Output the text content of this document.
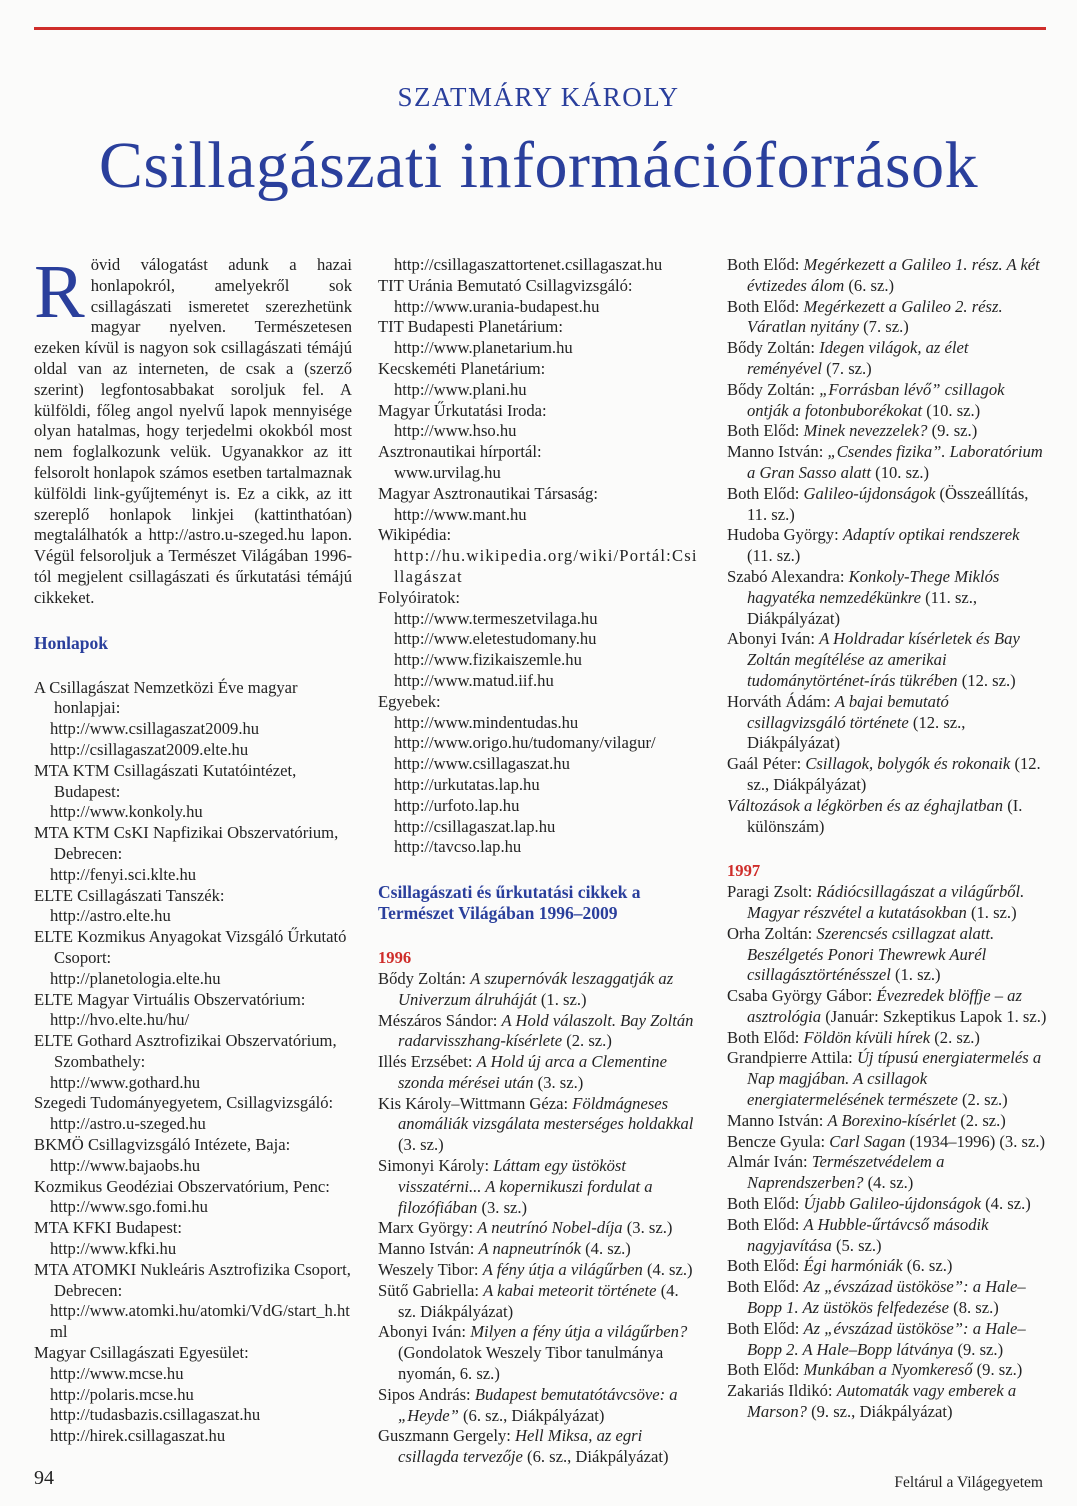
SZATMÁRY KÁROLY
Csillagászati információforrások

Rövid válogatást adunk a hazai honlapokról, amelyekről sok csillagászati ismeretet szerezhetünk magyar nyelven. Természetesen ezeken kívül is nagyon sok csillagászati témájú oldal van az interneten, de csak a (szerző szerint) legfontosabbakat soroljuk fel. A külföldi, főleg angol nyelvű lapok mennyisége olyan hatalmas, hogy terjedelmi okokból most nem foglalkozunk velük. Ugyanakkor az itt felsorolt honlapok számos esetben tartalmaznak külföldi link-gyűjteményt is. Ez a cikk, az itt szereplő honlapok linkjei (kattinthatóan) megtalálhatók a http://astro.u-szeged.hu lapon. Végül felsoroljuk a Természet Világában 1996-tól megjelent csillagászati és űrkutatási témájú cikkeket.

Honlapok
A Csillagászat Nemzetközi Éve magyar honlapjai:
http://www.csillagaszat2009.hu
http://csillagaszat2009.elte.hu
MTA KTM Csillagászati Kutatóintézet, Budapest:
http://www.konkoly.hu
MTA KTM CsKI Napfizikai Obszervatórium, Debrecen:
http://fenyi.sci.klte.hu
ELTE Csillagászati Tanszék:
http://astro.elte.hu
ELTE Kozmikus Anyagokat Vizsgáló Űrkutató Csoport:
http://planetologia.elte.hu
ELTE Magyar Virtuális Obszervatórium:
http://hvo.elte.hu/hu/
ELTE Gothard Asztrofizikai Obszervatórium, Szombathely:
http://www.gothard.hu
Szegedi Tudományegyetem, Csillagvizsgáló:
http://astro.u-szeged.hu
BKMÖ Csillagvizsgáló Intézete, Baja:
http://www.bajaobs.hu
Kozmikus Geodéziai Obszervatórium, Penc:
http://www.sgo.fomi.hu
MTA KFKI Budapest:
http://www.kfki.hu
MTA ATOMKI Nukleáris Asztrofizika Csoport, Debrecen:
http://www.atomki.hu/atomki/VdG/start_h.html
Magyar Csillagászati Egyesület:
http://www.mcse.hu
http://polaris.mcse.hu
http://tudasbazis.csillagaszat.hu
http://hirek.csillagaszat.hu
http://csillagaszattortenet.csillagaszat.hu
TIT Uránia Bemutató Csillagvizsgáló:
http://www.urania-budapest.hu
TIT Budapesti Planetárium:
http://www.planetarium.hu
Kecskeméti Planetárium:
http://www.plani.hu
Magyar Űrkutatási Iroda:
http://www.hso.hu
Asztronautikai hírportál:
www.urvilag.hu
Magyar Asztronautikai Társaság:
http://www.mant.hu
Wikipédia:
http://hu.wikipedia.org/wiki/Portál:Csillagászat
Folyóiratok:
http://www.termeszetvilaga.hu
http://www.eletestudomany.hu
http://www.fizikaiszemle.hu
http://www.matud.iif.hu
Egyebek:
http://www.mindentudas.hu
http://www.origo.hu/tudomany/vilagur/
http://www.csillagaszat.hu
http://urkutatas.lap.hu
http://urfoto.lap.hu
http://csillagaszat.lap.hu
http://tavcso.lap.hu
Csillagászati és űrkutatási cikkek a Természet Világában 1996–2009
1996
Bődy Zoltán: A szupernóvák leszaggatják az Univerzum álruháját (1. sz.)
Mészáros Sándor: A Hold válaszolt. Bay Zoltán radarvisszhang-kísérlete (2. sz.)
Illés Erzsébet: A Hold új arca a Clementine szonda mérései után (3. sz.)
Kis Károly–Wittmann Géza: Földmágneses anomáliák vizsgálata mesterséges holdakkal (3. sz.)
Simonyi Károly: Láttam egy üstököst visszatérni... A kopernikuszi fordulat a filozófiában (3. sz.)
Marx György: A neutrínó Nobel-díja (3. sz.)
Manno István: A napneutrínók (4. sz.)
Weszely Tibor: A fény útja a világűrben (4. sz.)
Sütő Gabriella: A kabai meteorit története (4. sz. Diákpályázat)
Abonyi Iván: Milyen a fény útja a világűrben? (Gondolatok Weszely Tibor tanulmánya nyomán, 6. sz.)
Sipos András: Budapest bemutatótávcsöve: a „Heyde” (6. sz., Diákpályázat)
Guszmann Gergely: Hell Miksa, az egri csillagda tervezője (6. sz., Diákpályázat)
Both Előd: Megérkezett a Galileo 1. rész. A két évtizedes álom (6. sz.)
Both Előd: Megérkezett a Galileo 2. rész. Váratlan nyitány (7. sz.)
Bődy Zoltán: Idegen világok, az élet reményével (7. sz.)
Bődy Zoltán: „Forrásban lévő” csillagok ontják a fotonbuborékokat (10. sz.)
Both Előd: Minek nevezzelek? (9. sz.)
Manno István: „Csendes fizika”. Laboratórium a Gran Sasso alatt (10. sz.)
Both Előd: Galileo-újdonságok (Összeállítás, 11. sz.)
Hudoba György: Adaptív optikai rendszerek (11. sz.)
Szabó Alexandra: Konkoly-Thege Miklós hagyatéka nemzedékünkre (11. sz., Diákpályázat)
Abonyi Iván: A Holdradar kísérletek és Bay Zoltán megítélése az amerikai tudománytörténet-írás tükrében (12. sz.)
Horváth Ádám: A bajai bemutató csillagvizsgáló története (12. sz., Diákpályázat)
Gaál Péter: Csillagok, bolygók és rokonaik (12. sz., Diákpályázat)
Változások a légkörben és az éghajlatban (I. különszám)
1997
Paragi Zsolt: Rádiócsillagászat a világűrből. Magyar részvétel a kutatásokban (1. sz.)
Orha Zoltán: Szerencsés csillagzat alatt. Beszélgetés Ponori Thewrewk Aurél csillagásztörténésszel (1. sz.)
Csaba György Gábor: Évezredek blöffje – az asztrológia (Január: Szkeptikus Lapok 1. sz.)
Both Előd: Földön kívüli hírek (2. sz.)
Grandpierre Attila: Új típusú energiatermelés a Nap magjában. A csillagok energiatermelésének természete (2. sz.)
Manno István: A Borexino-kísérlet (2. sz.)
Bencze Gyula: Carl Sagan (1934–1996) (3. sz.)
Almár Iván: Természetvédelem a Naprendszerben? (4. sz.)
Both Előd: Újabb Galileo-újdonságok (4. sz.)
Both Előd: A Hubble-űrtávcső második nagyjavítása (5. sz.)
Both Előd: Égi harmóniák (6. sz.)
Both Előd: Az „évszázad üstököse”: a Hale–Bopp 1. Az üstökös felfedezése (8. sz.)
Both Előd: Az „évszázad üstököse”: a Hale–Bopp 2. A Hale–Bopp látványa (9. sz.)
Both Előd: Munkában a Nyomkereső (9. sz.)
Zakariás Ildikó: Automaták vagy emberek a Marson? (9. sz., Diákpályázat)
94	Feltárul a Világegyetem
